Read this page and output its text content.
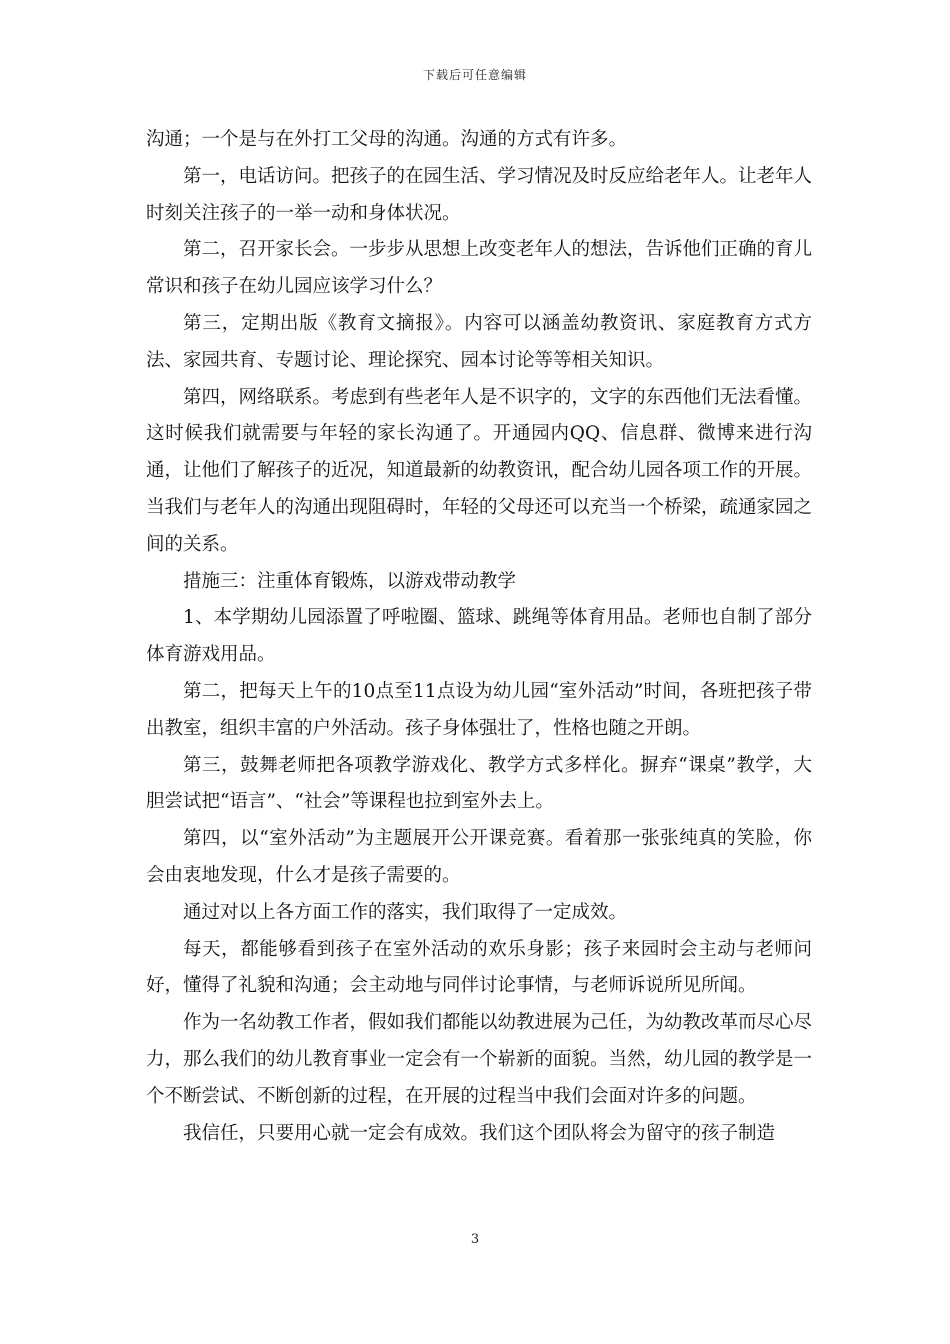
下载后可任意编辑

沟通；一个是与在外打工父母的沟通。沟通的方式有许多。

第一，电话访问。把孩子的在园生活、学习情况及时反应给老年人。让老年人时刻关注孩子的一举一动和身体状况。

第二，召开家长会。一步步从思想上改变老年人的想法，告诉他们正确的育儿常识和孩子在幼儿园应该学习什么？

第三，定期出版《教育文摘报》。内容可以涵盖幼教资讯、家庭教育方式方法、家园共育、专题讨论、理论探究、园本讨论等等相关知识。

第四，网络联系。考虑到有些老年人是不识字的，文字的东西他们无法看懂。这时候我们就需要与年轻的家长沟通了。开通园内QQ、信息群、微博来进行沟通，让他们了解孩子的近况，知道最新的幼教资讯，配合幼儿园各项工作的开展。当我们与老年人的沟通出现阻碍时，年轻的父母还可以充当一个桥梁，疏通家园之间的关系。

措施三：注重体育锻炼，以游戏带动教学

1、本学期幼儿园添置了呼啦圈、篮球、跳绳等体育用品。老师也自制了部分体育游戏用品。

第二，把每天上午的10点至11点设为幼儿园“室外活动”时间，各班把孩子带出教室，组织丰富的户外活动。孩子身体强壮了，性格也随之开朗。

第三，鼓舞老师把各项教学游戏化、教学方式多样化。摒弃“课桌”教学，大胆尝试把“语言”、“社会”等课程也拉到室外去上。

第四，以“室外活动”为主题展开公开课竞赛。看着那一张张纯真的笑脸，你会由衷地发现，什么才是孩子需要的。

通过对以上各方面工作的落实，我们取得了一定成效。

每天，都能够看到孩子在室外活动的欢乐身影；孩子来园时会主动与老师问好，懂得了礼貌和沟通；会主动地与同伴讨论事情，与老师诉说所见所闻。

作为一名幼教工作者，假如我们都能以幼教进展为己任，为幼教改革而尽心尽力，那么我们的幼儿教育事业一定会有一个崭新的面貌。当然，幼儿园的教学是一个不断尝试、不断创新的过程，在开展的过程当中我们会面对许多的问题。

我信任，只要用心就一定会有成效。我们这个团队将会为留守的孩子制造

3
